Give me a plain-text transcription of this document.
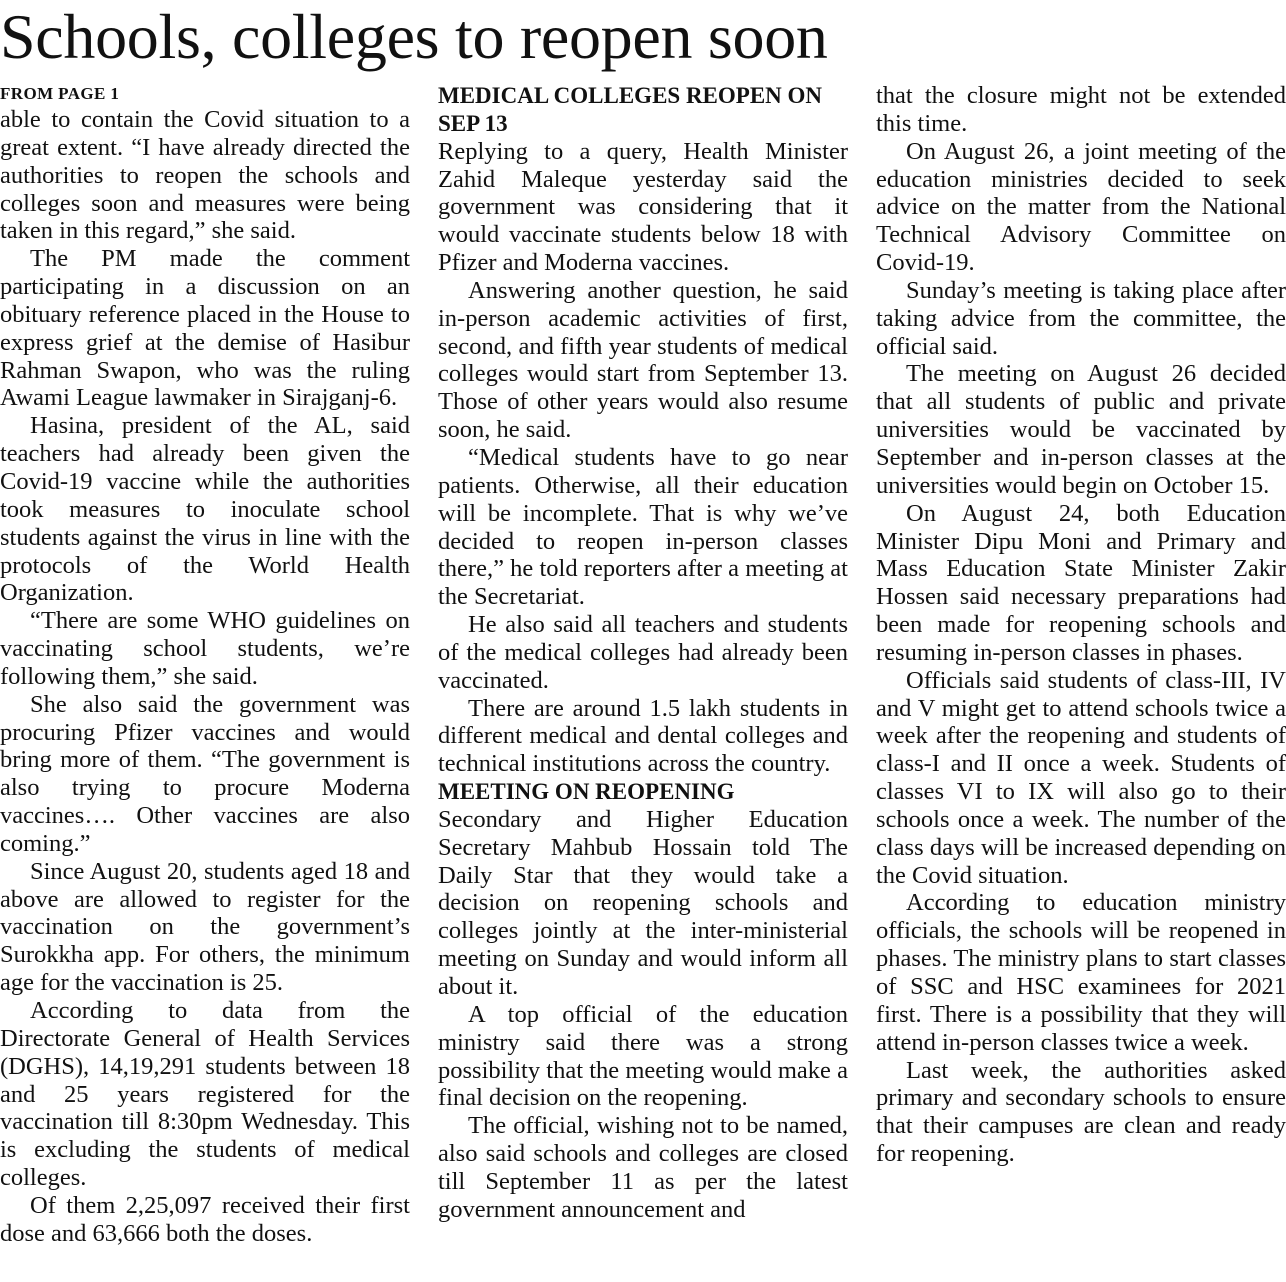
Schools, colleges to reopen soon
FROM PAGE 1

able to contain the Covid situation to a great extent. “I have already directed the authorities to reopen the schools and colleges soon and measures were being taken in this regard,” she said.

The PM made the comment participating in a discussion on an obituary reference placed in the House to express grief at the demise of Hasibur Rahman Swapon, who was the ruling Awami League lawmaker in Sirajganj-6.

Hasina, president of the AL, said teachers had already been given the Covid-19 vaccine while the authorities took measures to inoculate school students against the virus in line with the protocols of the World Health Organization.

“There are some WHO guidelines on vaccinating school students, we’re following them,” she said.

She also said the government was procuring Pfizer vaccines and would bring more of them. “The government is also trying to procure Moderna vaccines…. Other vaccines are also coming.”

Since August 20, students aged 18 and above are allowed to register for the vaccination on the government’s Surokkha app. For others, the minimum age for the vaccination is 25.

According to data from the Directorate General of Health Services (DGHS), 14,19,291 students between 18 and 25 years registered for the vaccination till 8:30pm Wednesday. This is excluding the students of medical colleges.

Of them 2,25,097 received their first dose and 63,666 both the doses.

MEDICAL COLLEGES REOPEN ON SEP 13

Replying to a query, Health Minister Zahid Maleque yesterday said the government was considering that it would vaccinate students below 18 with Pfizer and Moderna vaccines.

Answering another question, he said in-person academic activities of first, second, and fifth year students of medical colleges would start from September 13. Those of other years would also resume soon, he said.

“Medical students have to go near patients. Otherwise, all their education will be incomplete. That is why we’ve decided to reopen in-person classes there,” he told reporters after a meeting at the Secretariat.

He also said all teachers and students of the medical colleges had already been vaccinated.

There are around 1.5 lakh students in different medical and dental colleges and technical institutions across the country.

MEETING ON REOPENING

Secondary and Higher Education Secretary Mahbub Hossain told The Daily Star that they would take a decision on reopening schools and colleges jointly at the inter-ministerial meeting on Sunday and would inform all about it.

A top official of the education ministry said there was a strong possibility that the meeting would make a final decision on the reopening.

The official, wishing not to be named, also said schools and colleges are closed till September 11 as per the latest government announcement and

that the closure might not be extended this time.

On August 26, a joint meeting of the education ministries decided to seek advice on the matter from the National Technical Advisory Committee on Covid-19.

Sunday’s meeting is taking place after taking advice from the committee, the official said.

The meeting on August 26 decided that all students of public and private universities would be vaccinated by September and in-person classes at the universities would begin on October 15.

On August 24, both Education Minister Dipu Moni and Primary and Mass Education State Minister Zakir Hossen said necessary preparations had been made for reopening schools and resuming in-person classes in phases.

Officials said students of class-III, IV and V might get to attend schools twice a week after the reopening and students of class-I and II once a week. Students of classes VI to IX will also go to their schools once a week. The number of the class days will be increased depending on the Covid situation.

According to education ministry officials, the schools will be reopened in phases. The ministry plans to start classes of SSC and HSC examinees for 2021 first. There is a possibility that they will attend in-person classes twice a week.

Last week, the authorities asked primary and secondary schools to ensure that their campuses are clean and ready for reopening.
